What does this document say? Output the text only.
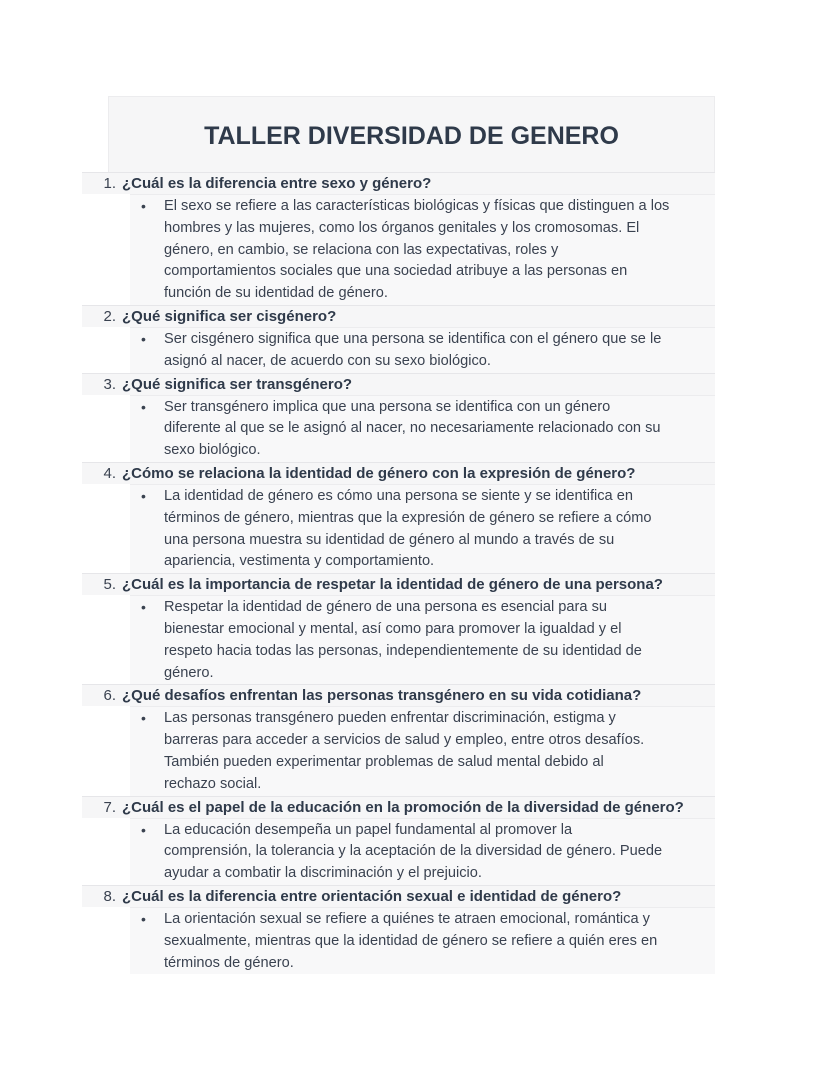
TALLER DIVERSIDAD DE GENERO
1. ¿Cuál es la diferencia entre sexo y género?
• El sexo se refiere a las características biológicas y físicas que distinguen a los
hombres y las mujeres, como los órganos genitales y los cromosomas. El
género, en cambio, se relaciona con las expectativas, roles y
comportamientos sociales que una sociedad atribuye a las personas en
función de su identidad de género.
2. ¿Qué significa ser cisgénero?
• Ser cisgénero significa que una persona se identifica con el género que se le
asignó al nacer, de acuerdo con su sexo biológico.
3. ¿Qué significa ser transgénero?
• Ser transgénero implica que una persona se identifica con un género
diferente al que se le asignó al nacer, no necesariamente relacionado con su
sexo biológico.
4. ¿Cómo se relaciona la identidad de género con la expresión de género?
• La identidad de género es cómo una persona se siente y se identifica en
términos de género, mientras que la expresión de género se refiere a cómo
una persona muestra su identidad de género al mundo a través de su
apariencia, vestimenta y comportamiento.
5. ¿Cuál es la importancia de respetar la identidad de género de una persona?
• Respetar la identidad de género de una persona es esencial para su
bienestar emocional y mental, así como para promover la igualdad y el
respeto hacia todas las personas, independientemente de su identidad de
género.
6. ¿Qué desafíos enfrentan las personas transgénero en su vida cotidiana?
• Las personas transgénero pueden enfrentar discriminación, estigma y
barreras para acceder a servicios de salud y empleo, entre otros desafíos.
También pueden experimentar problemas de salud mental debido al
rechazo social.
7. ¿Cuál es el papel de la educación en la promoción de la diversidad de género?
• La educación desempeña un papel fundamental al promover la
comprensión, la tolerancia y la aceptación de la diversidad de género. Puede
ayudar a combatir la discriminación y el prejuicio.
8. ¿Cuál es la diferencia entre orientación sexual e identidad de género?
• La orientación sexual se refiere a quiénes te atraen emocional, romántica y
sexualmente, mientras que la identidad de género se refiere a quién eres en
términos de género.
